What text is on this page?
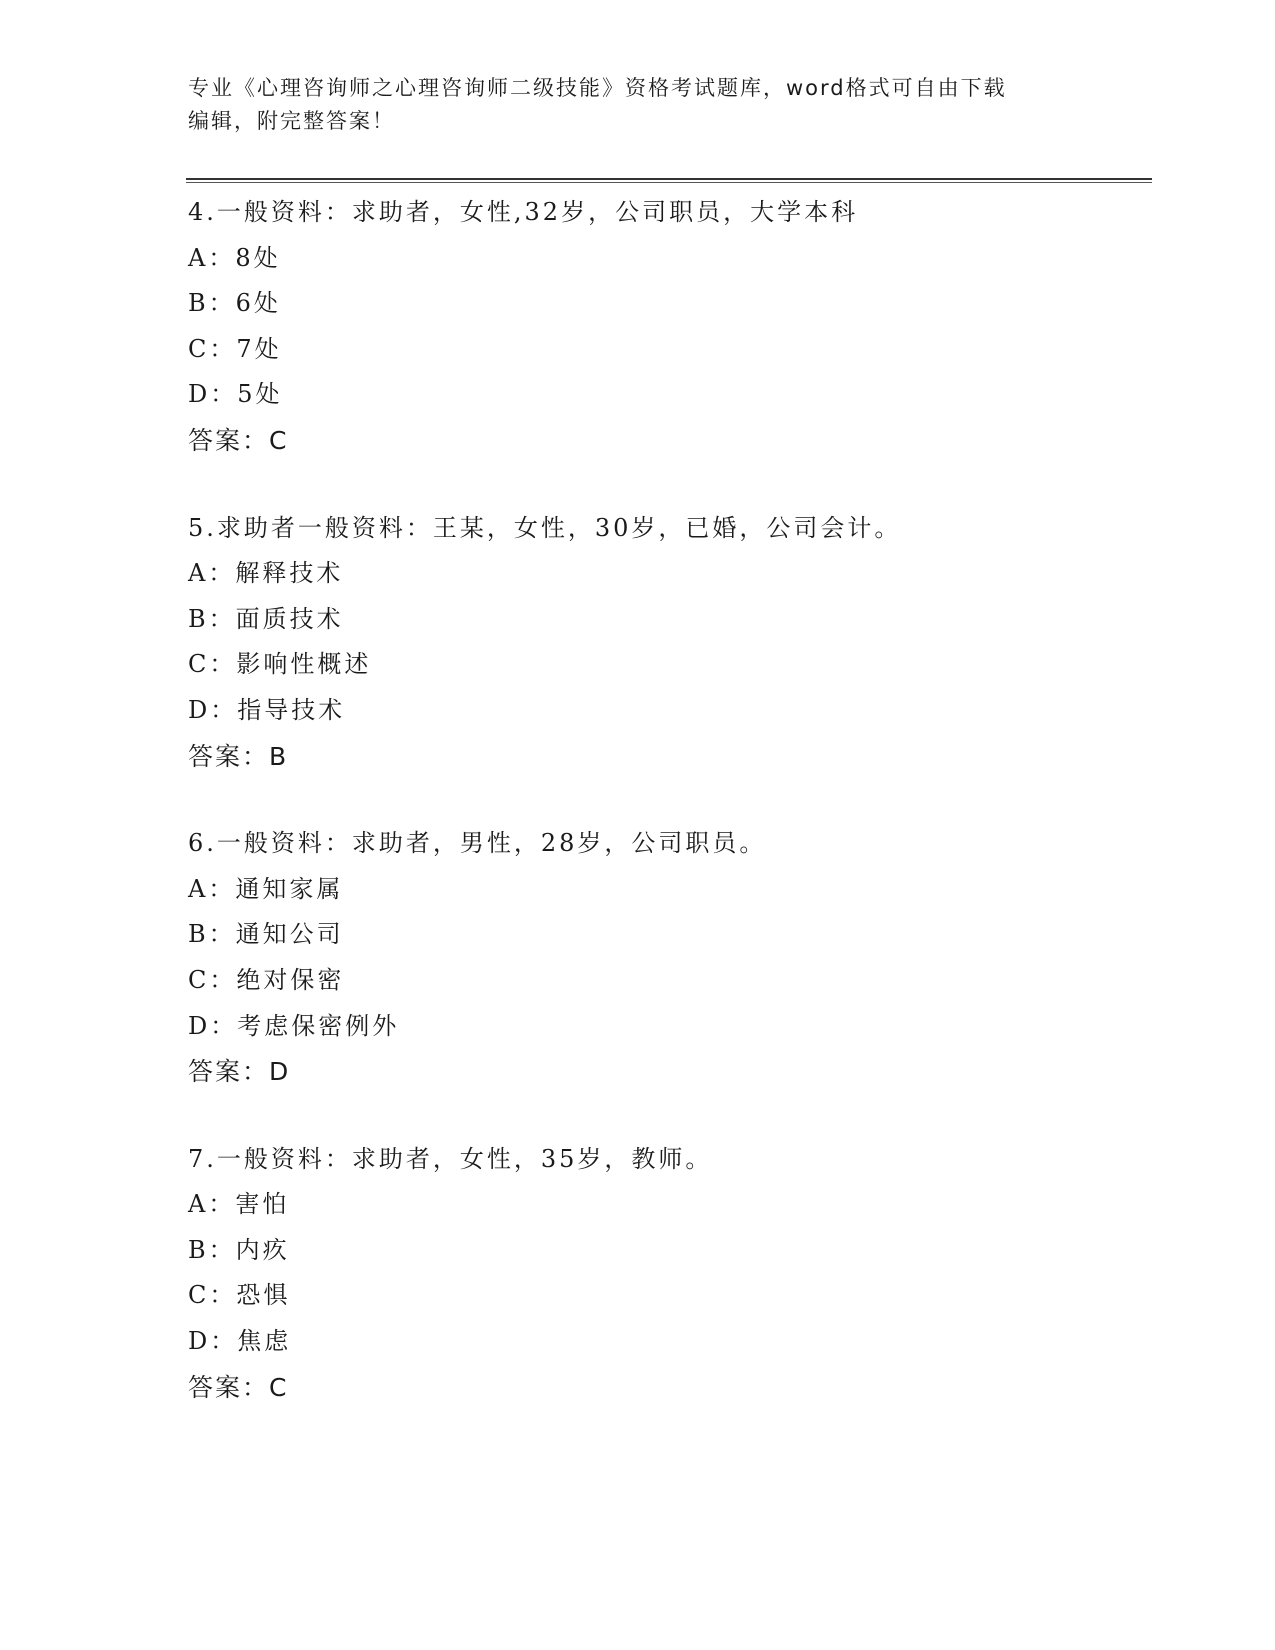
专业《心理咨询师之心理咨询师二级技能》资格考试题库，word格式可自由下载
编辑，附完整答案！
4.一般资料：求助者，女性,32岁，公司职员，大学本科
A：8处
B：6处
C：7处
D：5处
答案：C
5.求助者一般资料：王某，女性，30岁，已婚，公司会计。
A：解释技术
B：面质技术
C：影响性概述
D：指导技术
答案：B
6.一般资料：求助者，男性，28岁，公司职员。
A：通知家属
B：通知公司
C：绝对保密
D：考虑保密例外
答案：D
7.一般资料：求助者，女性，35岁，教师。
A：害怕
B：内疚
C：恐惧
D：焦虑
答案：C
